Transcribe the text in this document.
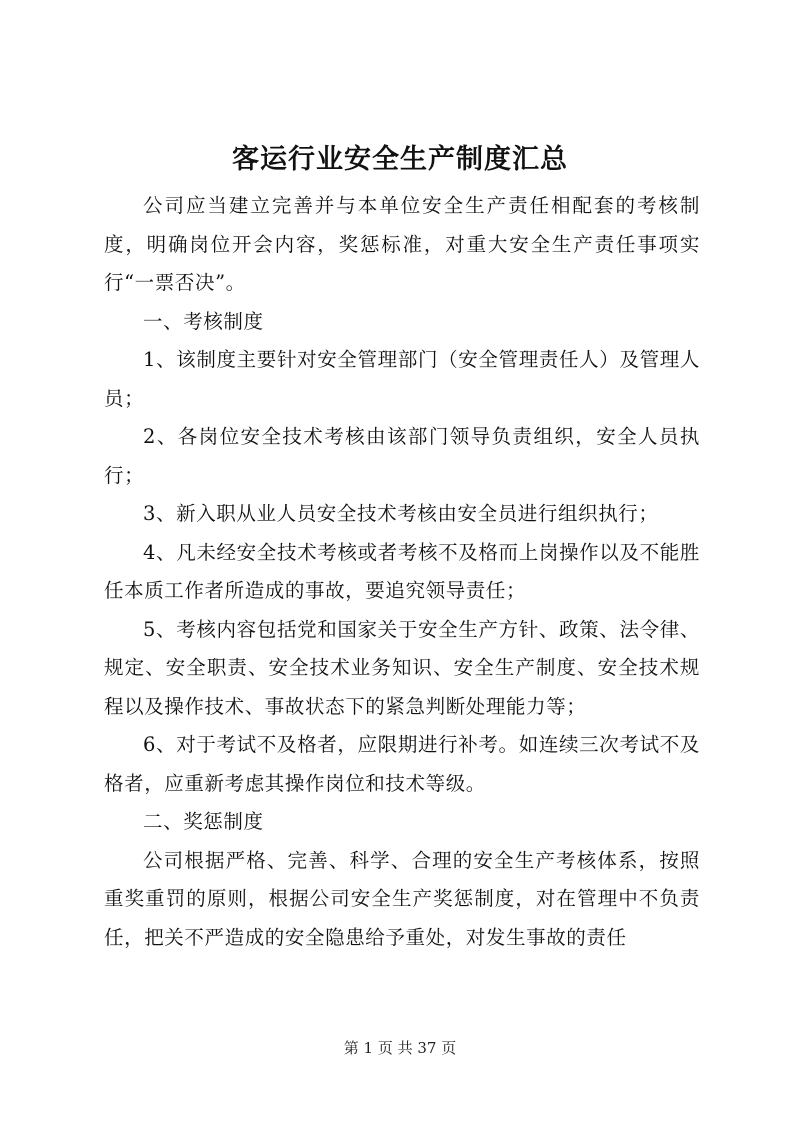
客运行业安全生产制度汇总

公司应当建立完善并与本单位安全生产责任相配套的考核制度，明确岗位开会内容，奖惩标准，对重大安全生产责任事项实行“一票否决”。

一、考核制度

1、该制度主要针对安全管理部门（安全管理责任人）及管理人员；

2、各岗位安全技术考核由该部门领导负责组织，安全人员执行；

3、新入职从业人员安全技术考核由安全员进行组织执行；

4、凡未经安全技术考核或者考核不及格而上岗操作以及不能胜任本质工作者所造成的事故，要追究领导责任；

5、考核内容包括党和国家关于安全生产方针、政策、法令律、规定、安全职责、安全技术业务知识、安全生产制度、安全技术规程以及操作技术、事故状态下的紧急判断处理能力等；

6、对于考试不及格者，应限期进行补考。如连续三次考试不及格者，应重新考虑其操作岗位和技术等级。

二、奖惩制度

公司根据严格、完善、科学、合理的安全生产考核体系，按照重奖重罚的原则，根据公司安全生产奖惩制度，对在管理中不负责任，把关不严造成的安全隐患给予重处，对发生事故的责任

第 1 页 共 37 页
